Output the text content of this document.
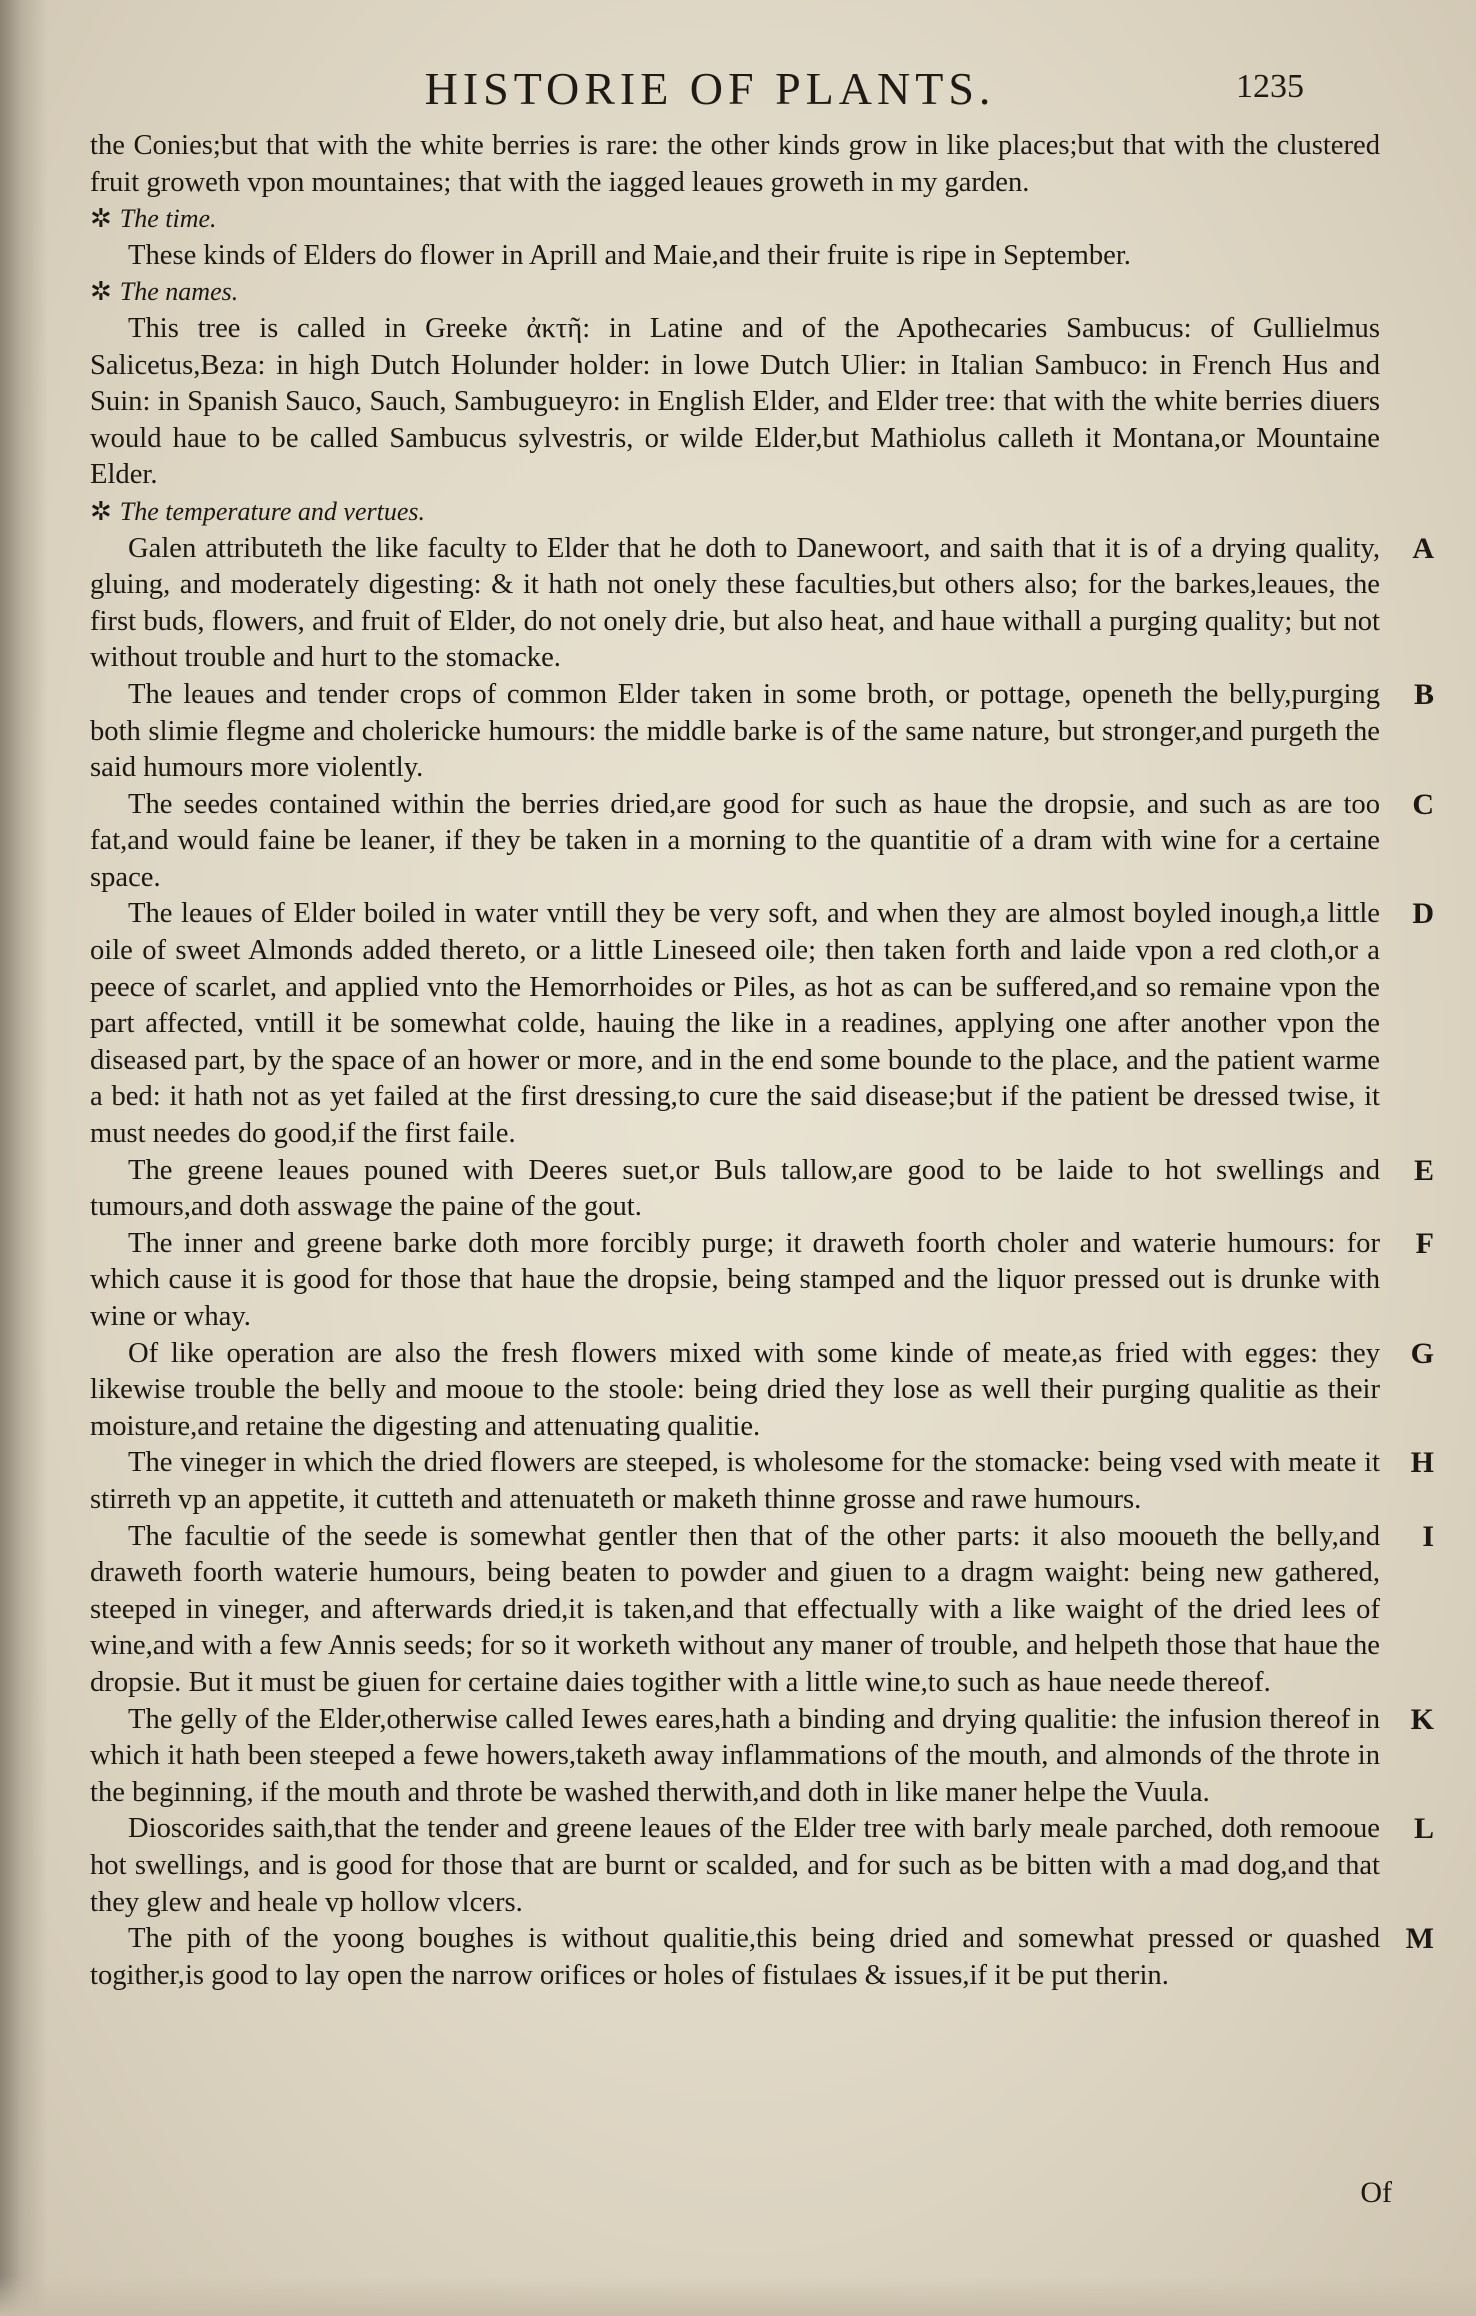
HISTORIE OF PLANTS.	1235

the Conies;but that with the white berries is rare: the other kinds grow in like places;but that with the clustered fruit groweth vpon mountaines; that with the iagged leaues groweth in my garden.

✲ The time.

These kinds of Elders do flower in Aprill and Maie,and their fruite is ripe in September.

✲ The names.

This tree is called in Greeke ἀκτῆ: in Latine and of the Apothecaries Sambucus: of Gullielmus Salicetus,Beza: in high Dutch Holunder holder: in lowe Dutch Ulier: in Italian Sambuco: in French Hus and Suin: in Spanish Sauco, Sauch, Sambugueyro: in English Elder, and Elder tree: that with the white berries diuers would haue to be called Sambucus sylvestris, or wilde Elder,but Mathiolus calleth it Montana,or Mountaine Elder.

✲ The temperature and vertues.

Galen attributeth the like faculty to Elder that he doth to Danewoort, and saith that it is of a drying quality, gluing, and moderately digesting: & it hath not onely these faculties,but others also; for the barkes,leaues, the first buds, flowers, and fruit of Elder, do not onely drie, but also heat, and haue withall a purging quality; but not without trouble and hurt to the stomacke.

A

The leaues and tender crops of common Elder taken in some broth, or pottage, openeth the belly,purging both slimie flegme and cholericke humours: the middle barke is of the same nature, but stronger,and purgeth the said humours more violently.

B

The seedes contained within the berries dried,are good for such as haue the dropsie, and such as are too fat,and would faine be leaner, if they be taken in a morning to the quantitie of a dram with wine for a certaine space.

C

The leaues of Elder boiled in water vntill they be very soft, and when they are almost boyled inough,a little oile of sweet Almonds added thereto, or a little Lineseed oile; then taken forth and laide vpon a red cloth,or a peece of scarlet, and applied vnto the Hemorrhoides or Piles, as hot as can be suffered,and so remaine vpon the part affected, vntill it be somewhat colde, hauing the like in a readines, applying one after another vpon the diseased part, by the space of an hower or more, and in the end some bounde to the place, and the patient warme a bed: it hath not as yet failed at the first dressing,to cure the said disease;but if the patient be dressed twise, it must needes do good,if the first faile.

D

The greene leaues pouned with Deeres suet,or Buls tallow,are good to be laide to hot swellings and tumours,and doth asswage the paine of the gout.

E

The inner and greene barke doth more forcibly purge; it draweth foorth choler and waterie humours: for which cause it is good for those that haue the dropsie, being stamped and the liquor pressed out is drunke with wine or whay.

F

Of like operation are also the fresh flowers mixed with some kinde of meate,as fried with egges: they likewise trouble the belly and mooue to the stoole: being dried they lose as well their purging qualitie as their moisture,and retaine the digesting and attenuating qualitie.

G

The vineger in which the dried flowers are steeped, is wholesome for the stomacke: being vsed with meate it stirreth vp an appetite, it cutteth and attenuateth or maketh thinne grosse and rawe humours.

H

The facultie of the seede is somewhat gentler then that of the other parts: it also mooueth the belly,and draweth foorth waterie humours, being beaten to powder and giuen to a dragm waight: being new gathered, steeped in vineger, and afterwards dried,it is taken,and that effectually with a like waight of the dried lees of wine,and with a few Annis seeds; for so it worketh without any maner of trouble, and helpeth those that haue the dropsie. But it must be giuen for certaine daies togither with a little wine,to such as haue neede thereof.

I

The gelly of the Elder,otherwise called Iewes eares,hath a binding and drying qualitie: the infusion thereof in which it hath been steeped a fewe howers,taketh away inflammations of the mouth, and almonds of the throte in the beginning, if the mouth and throte be washed therwith,and doth in like maner helpe the Vuula.

K

Dioscorides saith,that the tender and greene leaues of the Elder tree with barly meale parched, doth remooue hot swellings, and is good for those that are burnt or scalded, and for such as be bitten with a mad dog,and that they glew and heale vp hollow vlcers.

L

The pith of the yoong boughes is without qualitie,this being dried and somewhat pressed or quashed togither,is good to lay open the narrow orifices or holes of fistulaes & issues,if it be put therin.

M
Of
